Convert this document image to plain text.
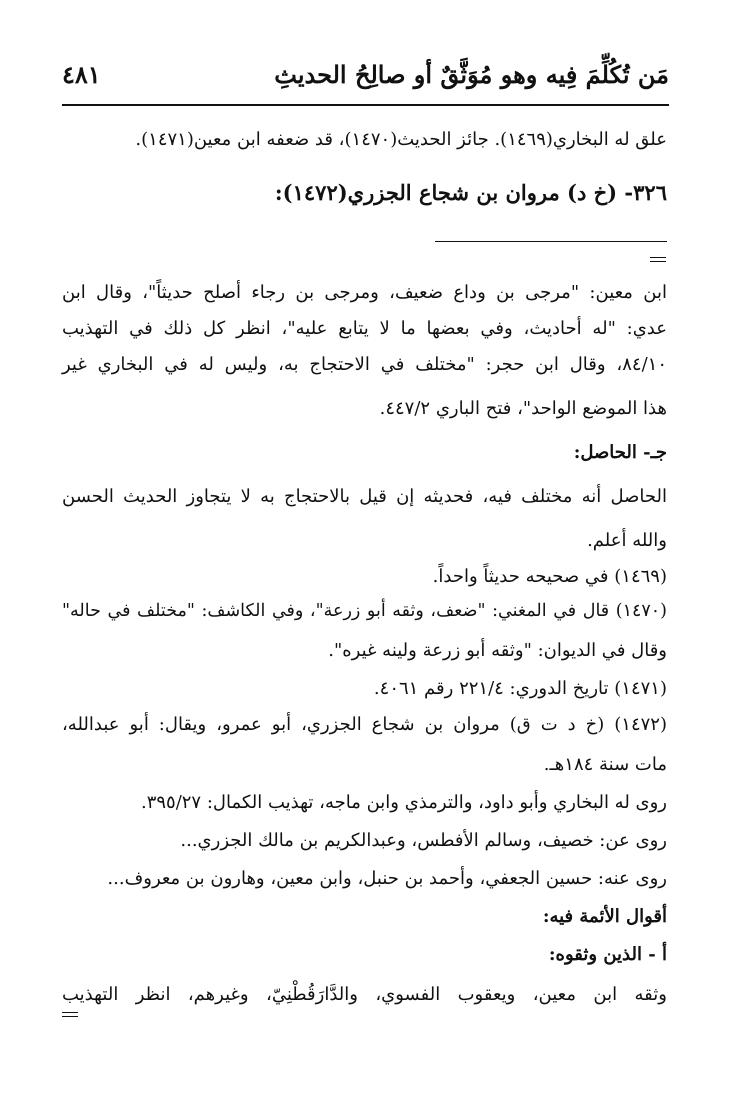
مَن تُكُلِّمَ فِيه وهو مُوَثَّقٌ أو صالِحُ الحديثِ
٤٨١
علق له البخاري(١٤٦٩). جائز الحديث(١٤٧٠)، قد ضعفه ابن معين(١٤٧١).
٣٢٦- (خ د) مروان بن شجاع الجزري(١٤٧٢):
ابن معين: "مرجى بن وداع ضعيف، ومرجى بن رجاء أصلح حديثاً"، وقال ابن
عدي: "له أحاديث، وفي بعضها ما لا يتابع عليه"، انظر كل ذلك في التهذيب
٨٤/١٠، وقال ابن حجر: "مختلف في الاحتجاج به، وليس له في البخاري غير
هذا الموضع الواحد"، فتح الباري ٤٤٧/٢.
جـ- الحاصل:
الحاصل أنه مختلف فيه، فحديثه إن قيل بالاحتجاج به لا يتجاوز الحديث الحسن
والله أعلم.
(١٤٦٩) في صحيحه حديثاً واحداً.
(١٤٧٠) قال في المغني: "ضعف، وثقه أبو زرعة"، وفي الكاشف: "مختلف في حاله"
وقال في الديوان: "وثقه أبو زرعة ولينه غيره".
(١٤٧١) تاريخ الدوري: ٢٢١/٤ رقم ٤٠٦١.
(١٤٧٢) (خ د ت ق) مروان بن شجاع الجزري، أبو عمرو، ويقال: أبو عبدالله،
مات سنة ١٨٤هـ.
روى له البخاري وأبو داود، والترمذي وابن ماجه، تهذيب الكمال: ٣٩٥/٢٧.
روى عن: خصيف، وسالم الأفطس، وعبدالكريم بن مالك الجزري...
روى عنه: حسين الجعفي، وأحمد بن حنبل، وابن معين، وهارون بن معروف...
أقوال الأئمة فيه:
أ - الذين وثقوه:
وثقه ابن معين، ويعقوب الفسوي، والدَّارَقُطْنِيّ، وغيرهم، انظر التهذيب
